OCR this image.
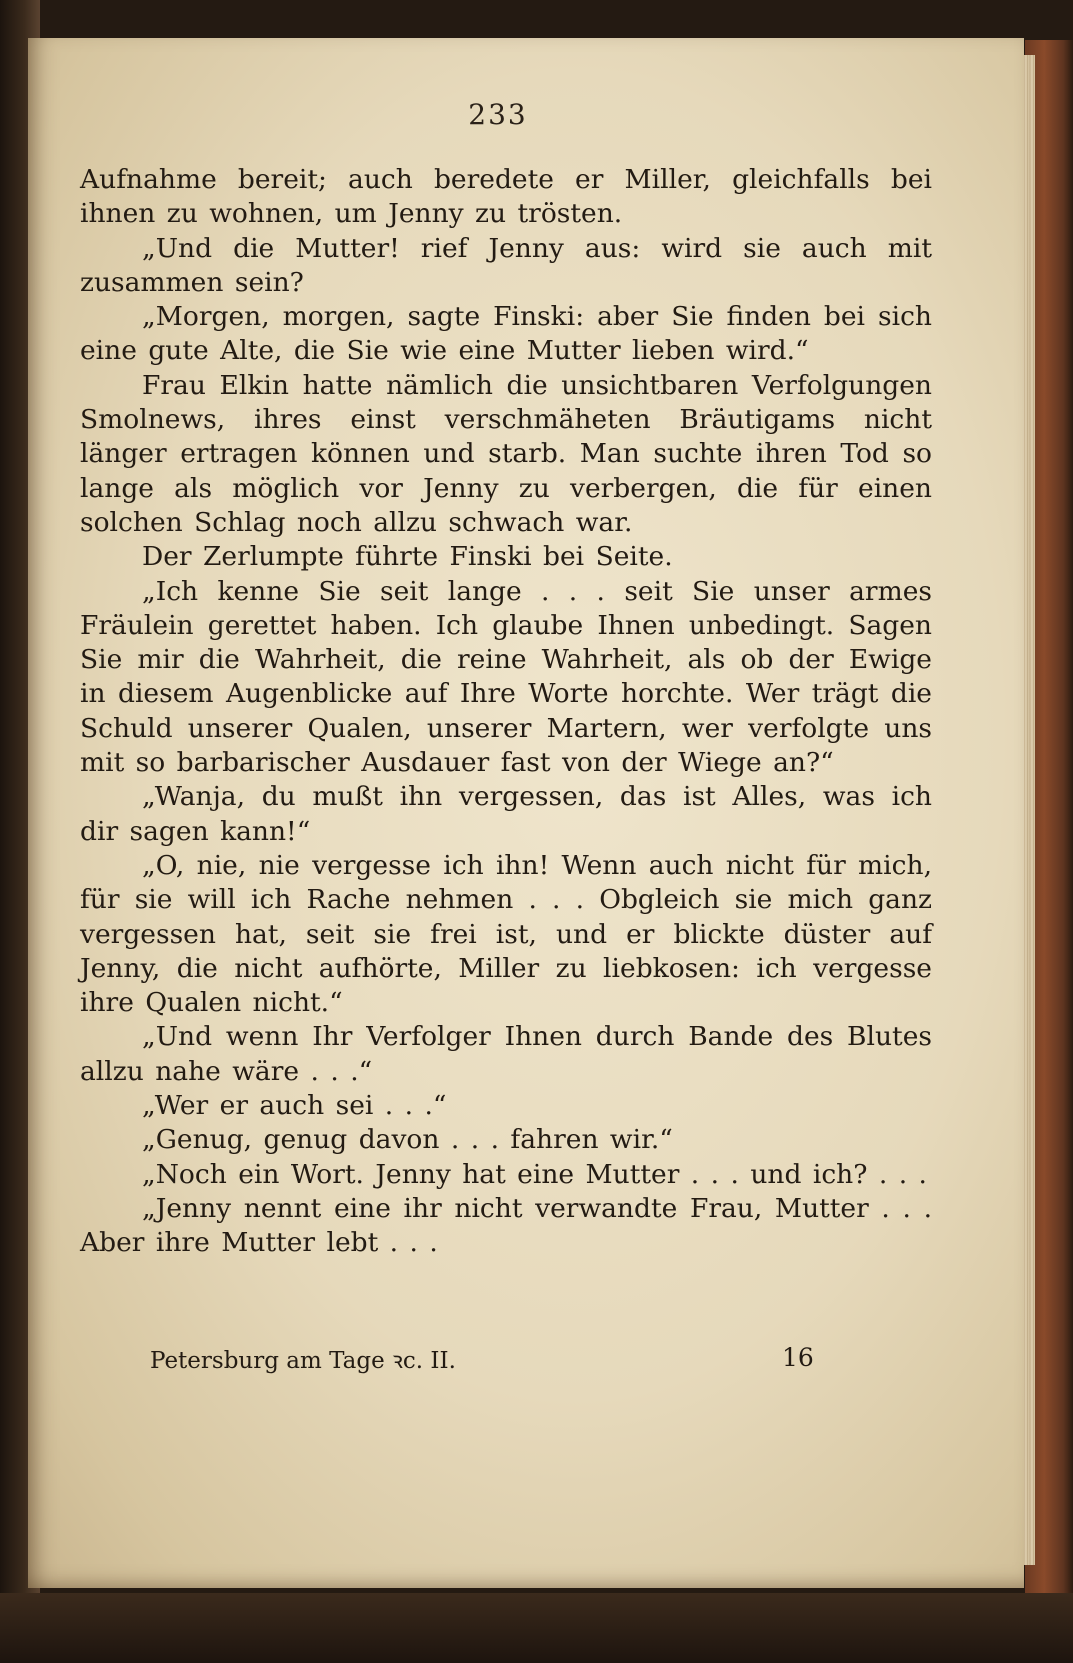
233

Aufnahme bereit; auch beredete er Miller, gleichfalls bei ihnen zu wohnen, um Jenny zu trösten.

„Und die Mutter! rief Jenny aus: wird sie auch mit zusammen sein?

„Morgen, morgen, sagte Finski: aber Sie finden bei sich eine gute Alte, die Sie wie eine Mutter lieben wird.“

Frau Elkin hatte nämlich die unsichtbaren Verfolgungen Smolnews, ihres einst verschmäheten Bräutigams nicht länger ertragen können und starb. Man suchte ihren Tod so lange als möglich vor Jenny zu verbergen, die für einen solchen Schlag noch allzu schwach war.

Der Zerlumpte führte Finski bei Seite.

„Ich kenne Sie seit lange . . . seit Sie unser armes Fräulein gerettet haben. Ich glaube Ihnen unbedingt. Sagen Sie mir die Wahrheit, die reine Wahrheit, als ob der Ewige in diesem Augenblicke auf Ihre Worte horchte. Wer trägt die Schuld unserer Qualen, unserer Martern, wer verfolgte uns mit so barbarischer Ausdauer fast von der Wiege an?“

„Wanja, du mußt ihn vergessen, das ist Alles, was ich dir sagen kann!“

„O, nie, nie vergesse ich ihn! Wenn auch nicht für mich, für sie will ich Rache nehmen . . . Obgleich sie mich ganz vergessen hat, seit sie frei ist, und er blickte düster auf Jenny, die nicht aufhörte, Miller zu liebkosen: ich vergesse ihre Qualen nicht.“

„Und wenn Ihr Verfolger Ihnen durch Bande des Blutes allzu nahe wäre . . .“

„Wer er auch sei . . .“

„Genug, genug davon . . . fahren wir.“

„Noch ein Wort. Jenny hat eine Mutter . . . und ich? . . .

„Jenny nennt eine ihr nicht verwandte Frau, Mutter . . . Aber ihre Mutter lebt . . .

Petersburg am Tage ꝛc. II.	16
